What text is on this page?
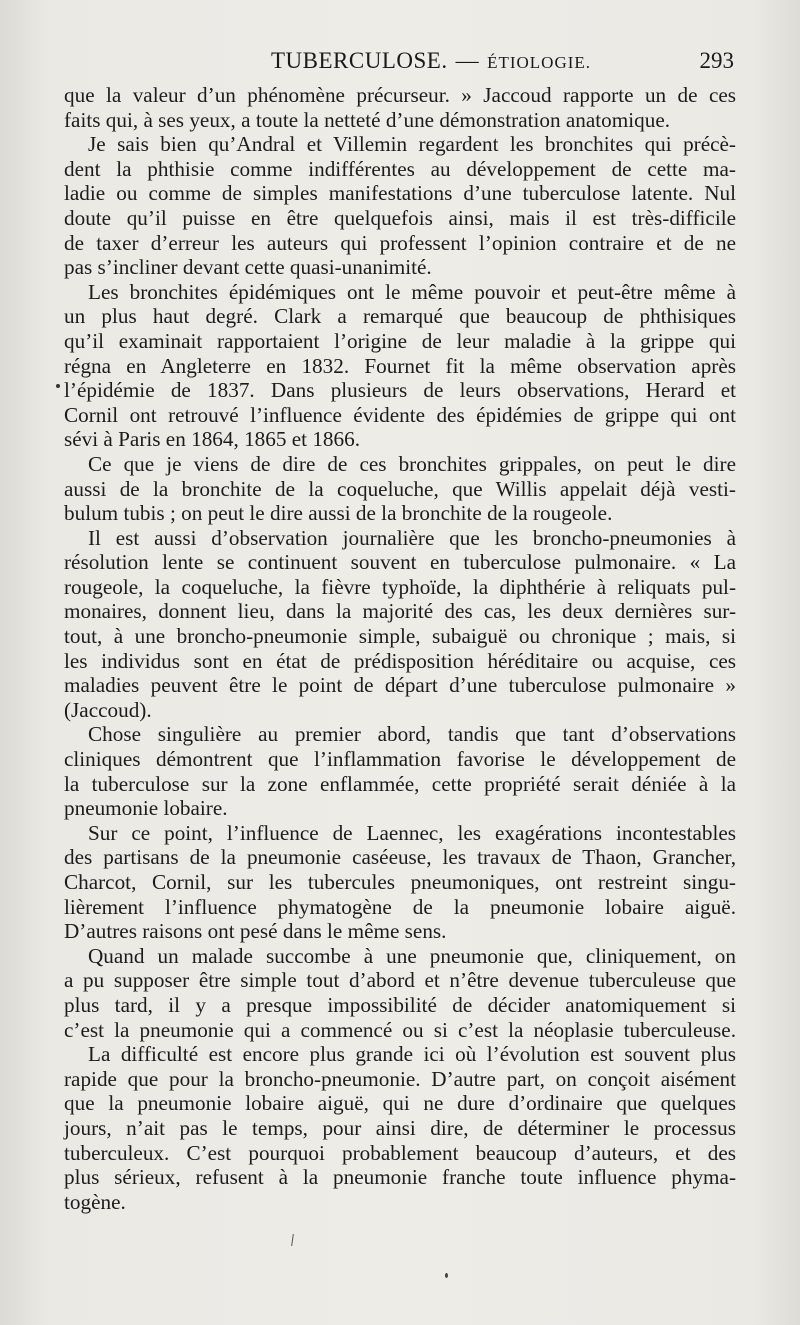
TUBERCULOSE. — ÉTIOLOGIE.	293
que la valeur d’un phénomène précurseur. » Jaccoud rapporte un de ces
faits qui, à ses yeux, a toute la netteté d’une démonstration anatomique.
Je sais bien qu’Andral et Villemin regardent les bronchites qui précè-
dent la phthisie comme indifférentes au développement de cette ma-
ladie ou comme de simples manifestations d’une tuberculose latente. Nul
doute qu’il puisse en être quelquefois ainsi, mais il est très-difficile
de taxer d’erreur les auteurs qui professent l’opinion contraire et de ne
pas s’incliner devant cette quasi-unanimité.
Les bronchites épidémiques ont le même pouvoir et peut-être même à
un plus haut degré. Clark a remarqué que beaucoup de phthisiques
qu’il examinait rapportaient l’origine de leur maladie à la grippe qui
régna en Angleterre en 1832. Fournet fit la même observation après
l’épidémie de 1837. Dans plusieurs de leurs observations, Herard et
Cornil ont retrouvé l’influence évidente des épidémies de grippe qui ont
sévi à Paris en 1864, 1865 et 1866.
Ce que je viens de dire de ces bronchites grippales, on peut le dire
aussi de la bronchite de la coqueluche, que Willis appelait déjà vesti-
bulum tubis ; on peut le dire aussi de la bronchite de la rougeole.
Il est aussi d’observation journalière que les broncho-pneumonies à
résolution lente se continuent souvent en tuberculose pulmonaire. « La
rougeole, la coqueluche, la fièvre typhoïde, la diphthérie à reliquats pul-
monaires, donnent lieu, dans la majorité des cas, les deux dernières sur-
tout, à une broncho-pneumonie simple, subaiguë ou chronique ; mais, si
les individus sont en état de prédisposition héréditaire ou acquise, ces
maladies peuvent être le point de départ d’une tuberculose pulmonaire »
(Jaccoud).
Chose singulière au premier abord, tandis que tant d’observations
cliniques démontrent que l’inflammation favorise le développement de
la tuberculose sur la zone enflammée, cette propriété serait déniée à la
pneumonie lobaire.
Sur ce point, l’influence de Laennec, les exagérations incontestables
des partisans de la pneumonie caséeuse, les travaux de Thaon, Grancher,
Charcot, Cornil, sur les tubercules pneumoniques, ont restreint singu-
lièrement l’influence phymatogène de la pneumonie lobaire aiguë.
D’autres raisons ont pesé dans le même sens.
Quand un malade succombe à une pneumonie que, cliniquement, on
a pu supposer être simple tout d’abord et n’être devenue tuberculeuse que
plus tard, il y a presque impossibilité de décider anatomiquement si
c’est la pneumonie qui a commencé ou si c’est la néoplasie tuberculeuse.
La difficulté est encore plus grande ici où l’évolution est souvent plus
rapide que pour la broncho-pneumonie. D’autre part, on conçoit aisément
que la pneumonie lobaire aiguë, qui ne dure d’ordinaire que quelques
jours, n’ait pas le temps, pour ainsi dire, de déterminer le processus
tuberculeux. C’est pourquoi probablement beaucoup d’auteurs, et des
plus sérieux, refusent à la pneumonie franche toute influence phyma-
togène.
